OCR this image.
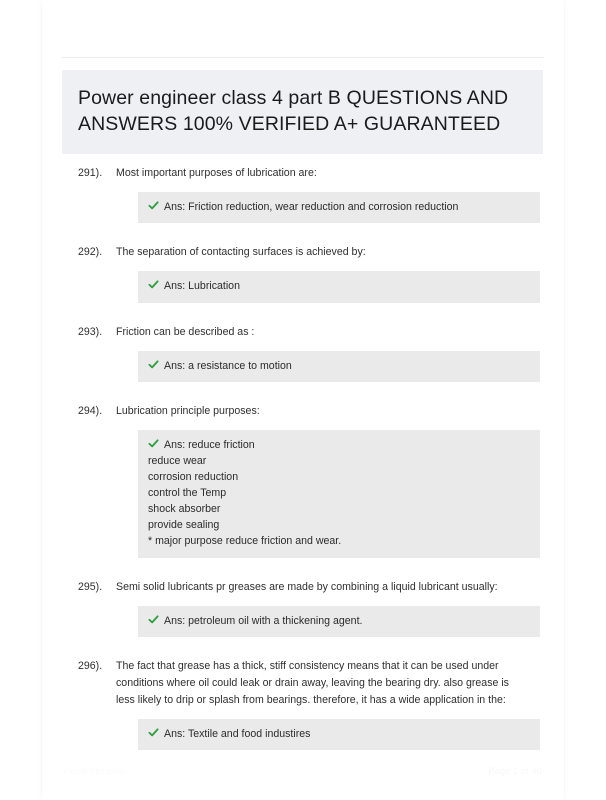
Power engineer class 4 part B QUESTIONS AND ANSWERS 100% VERIFIED A+ GUARANTEED
291).	Most important purposes of lubrication are:
Ans: Friction reduction, wear reduction and corrosion reduction
292).	The separation of contacting surfaces is achieved by:
Ans: Lubrication
293).	Friction can be described as :
Ans: a resistance to motion
294).	Lubrication principle purposes:
Ans: reduce friction
reduce wear
corrosion reduction
control the Temp
shock absorber
provide sealing
* major purpose reduce friction and wear.
295).	Semi solid lubricants pr greases are made by combining a liquid lubricant usually:
Ans: petroleum oil with a thickening agent.
296).	The fact that grease has a thick, stiff consistency means that it can be used under conditions where oil could leak or drain away, leaving the bearing dry. also grease is less likely to drip or splash from bearings. therefore, it has a wide application in the:
Ans: Textile and food industires
PaperStic.com	Page 1 of 40
